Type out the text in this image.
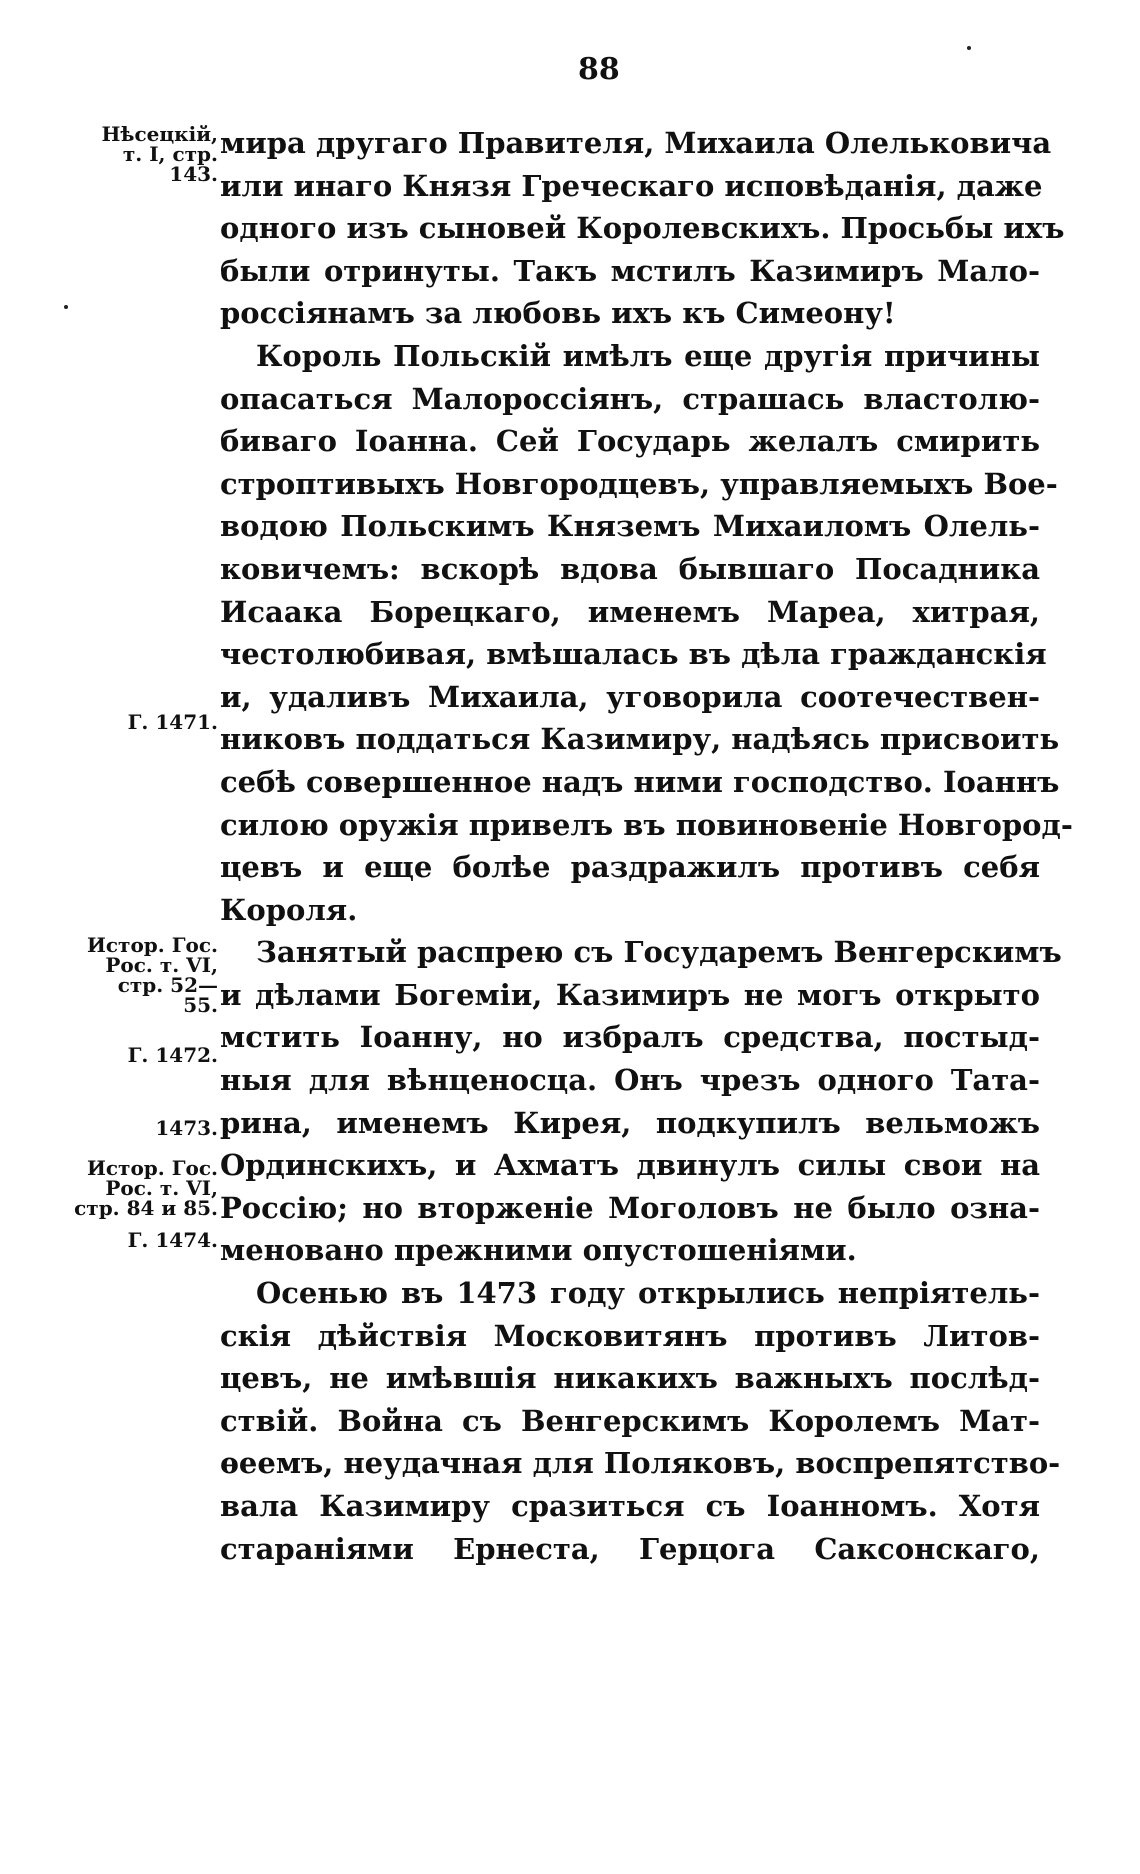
88
мира другаго Правителя, Михаила Олельковича
или инаго Князя Греческаго исповѣданія, даже
одного изъ сыновей Королевскихъ. Просьбы ихъ
были отринуты. Такъ мстилъ Казимиръ Мало-
россіянамъ за любовь ихъ къ Симеону!
Король Польскій имѣлъ еще другія причины
опасаться Малороссіянъ, страшась властолю-
биваго Іоанна. Сей Государь желалъ смирить
строптивыхъ Новгородцевъ, управляемыхъ Вое-
водою Польскимъ Княземъ Михаиломъ Олель-
ковичемъ: вскорѣ вдова бывшаго Посадника
Исаака Борецкаго, именемъ Мареа, хитрая,
честолюбивая, вмѣшалась въ дѣла гражданскія
и, удаливъ Михаила, уговорила соотечествен-
никовъ поддаться Казимиру, надѣясь присвоить
себѣ совершенное надъ ними господство. Іоаннъ
силою оружія привелъ въ повиновеніе Новгород-
цевъ и еще болѣе раздражилъ противъ себя
Короля.
Занятый распрею съ Государемъ Венгерскимъ
и дѣлами Богеміи, Казимиръ не могъ открыто
мстить Іоанну, но избралъ средства, постыд-
ныя для вѣнценосца. Онъ чрезъ одного Тата-
рина, именемъ Кирея, подкупилъ вельможъ
Ординскихъ, и Ахматъ двинулъ силы свои на
Россію; но вторженіе Моголовъ не было озна-
меновано прежними опустошеніями.
Осенью въ 1473 году открылись непріятель-
скія дѣйствія Московитянъ противъ Литов-
цевъ, не имѣвшія никакихъ важныхъ послѣд-
ствій. Война съ Венгерскимъ Королемъ Мат-
ѳеемъ, неудачная для Поляковъ, воспрепятство-
вала Казимиру сразиться съ Іоанномъ. Хотя
стараніями Ернеста, Герцога Саксонскаго,
Нѣсецкій,
т. I, стр.
143.
Г. 1471.
Истор. Гос.
Рос. т. VI,
стр. 52—
55.
Г. 1472.
1473.
Истор. Гос.
Рос. т. VI,
стр. 84 и 85.
Г. 1474.
